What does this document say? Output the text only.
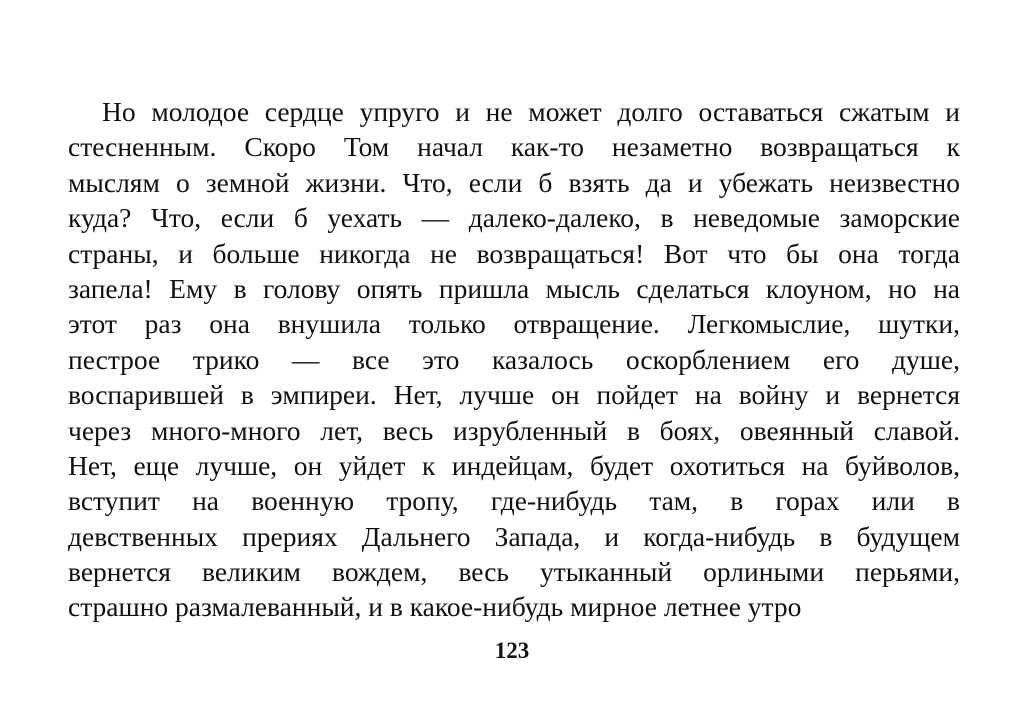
Но молодое сердце упруго и не может долго оставаться сжатым и
стесненным. Скоро Том начал как-то незаметно возвращаться к
мыслям о земной жизни. Что, если б взять да и убежать неизвестно
куда? Что, если б уехать — далеко-далеко, в неведомые заморские
страны, и больше никогда не возвращаться! Вот что бы она тогда
запела! Ему в голову опять пришла мысль сделаться клоуном, но на
этот раз она внушила только отвращение. Легкомыслие, шутки,
пестрое трико — все это казалось оскорблением его душе,
воспарившей в эмпиреи. Нет, лучше он пойдет на войну и вернется
через много-много лет, весь изрубленный в боях, овеянный славой.
Нет, еще лучше, он уйдет к индейцам, будет охотиться на буйволов,
вступит на военную тропу, где-нибудь там, в горах или в
девственных прериях Дальнего Запада, и когда-нибудь в будущем
вернется великим вождем, весь утыканный орлиными перьями,
страшно размалеванный, и в какое-нибудь мирное летнее утро
123
